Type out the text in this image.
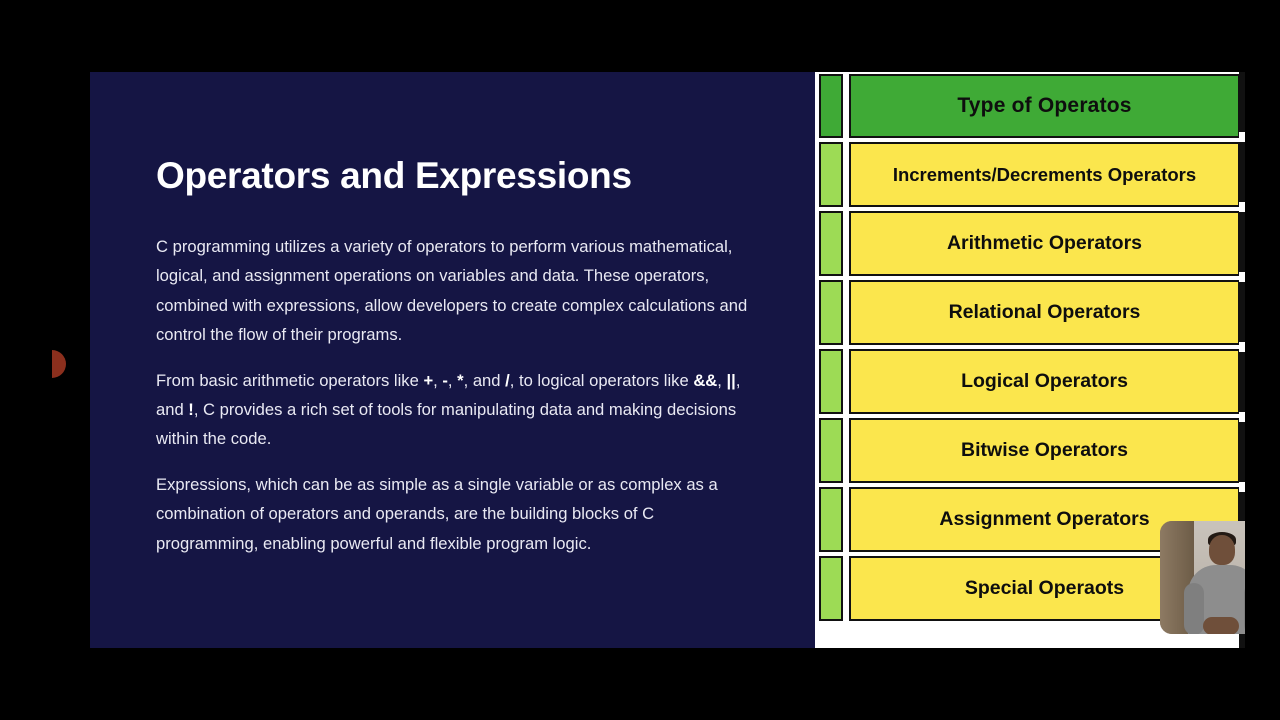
Operators and Expressions

C programming utilizes a variety of operators to perform various mathematical, logical, and assignment operations on variables and data. These operators, combined with expressions, allow developers to create complex calculations and control the flow of their programs.

From basic arithmetic operators like +, -, *, and /, to logical operators like &&, ||, and !, C provides a rich set of tools for manipulating data and making decisions within the code.

Expressions, which can be as simple as a single variable or as complex as a combination of operators and operands, are the building blocks of C programming, enabling powerful and flexible program logic.

Type of Operatos
Increments/Decrements Operators
Arithmetic Operators
Relational Operators
Logical Operators
Bitwise Operators
Assignment Operators
Special Operaots
